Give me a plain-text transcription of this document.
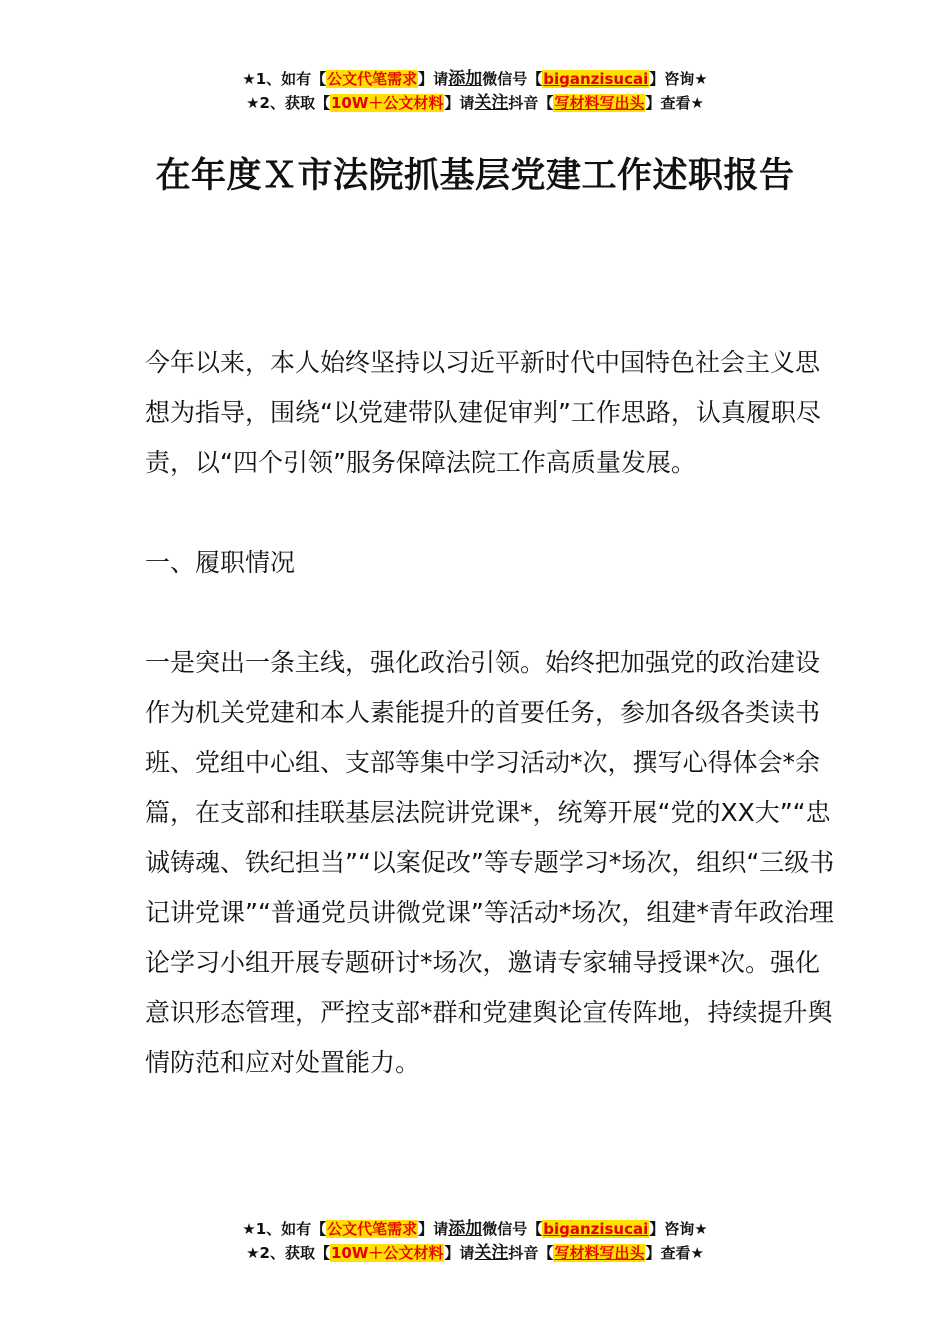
★1、如有【公文代笔需求】请添加微信号【biganzisucai】咨询★
★2、获取【10W＋公文材料】请关注抖音【写材料写出头】查看★
在年度Ｘ市法院抓基层党建工作述职报告

今年以来，本人始终坚持以习近平新时代中国特色社会主义思想为指导，围绕“以党建带队建促审判”工作思路，认真履职尽责，以“四个引领”服务保障法院工作高质量发展。

一、履职情况

一是突出一条主线，强化政治引领。始终把加强党的政治建设作为机关党建和本人素能提升的首要任务，参加各级各类读书班、党组中心组、支部等集中学习活动*次，撰写心得体会*余篇，在支部和挂联基层法院讲党课*，统筹开展“党的XX大”“忠诚铸魂、铁纪担当”“以案促改”等专题学习*场次，组织“三级书记讲党课”“普通党员讲微党课”等活动*场次，组建*青年政治理论学习小组开展专题研讨*场次，邀请专家辅导授课*次。强化意识形态管理，严控支部*群和党建舆论宣传阵地，持续提升舆情防范和应对处置能力。

★1、如有【公文代笔需求】请添加微信号【biganzisucai】咨询★
★2、获取【10W＋公文材料】请关注抖音【写材料写出头】查看★
